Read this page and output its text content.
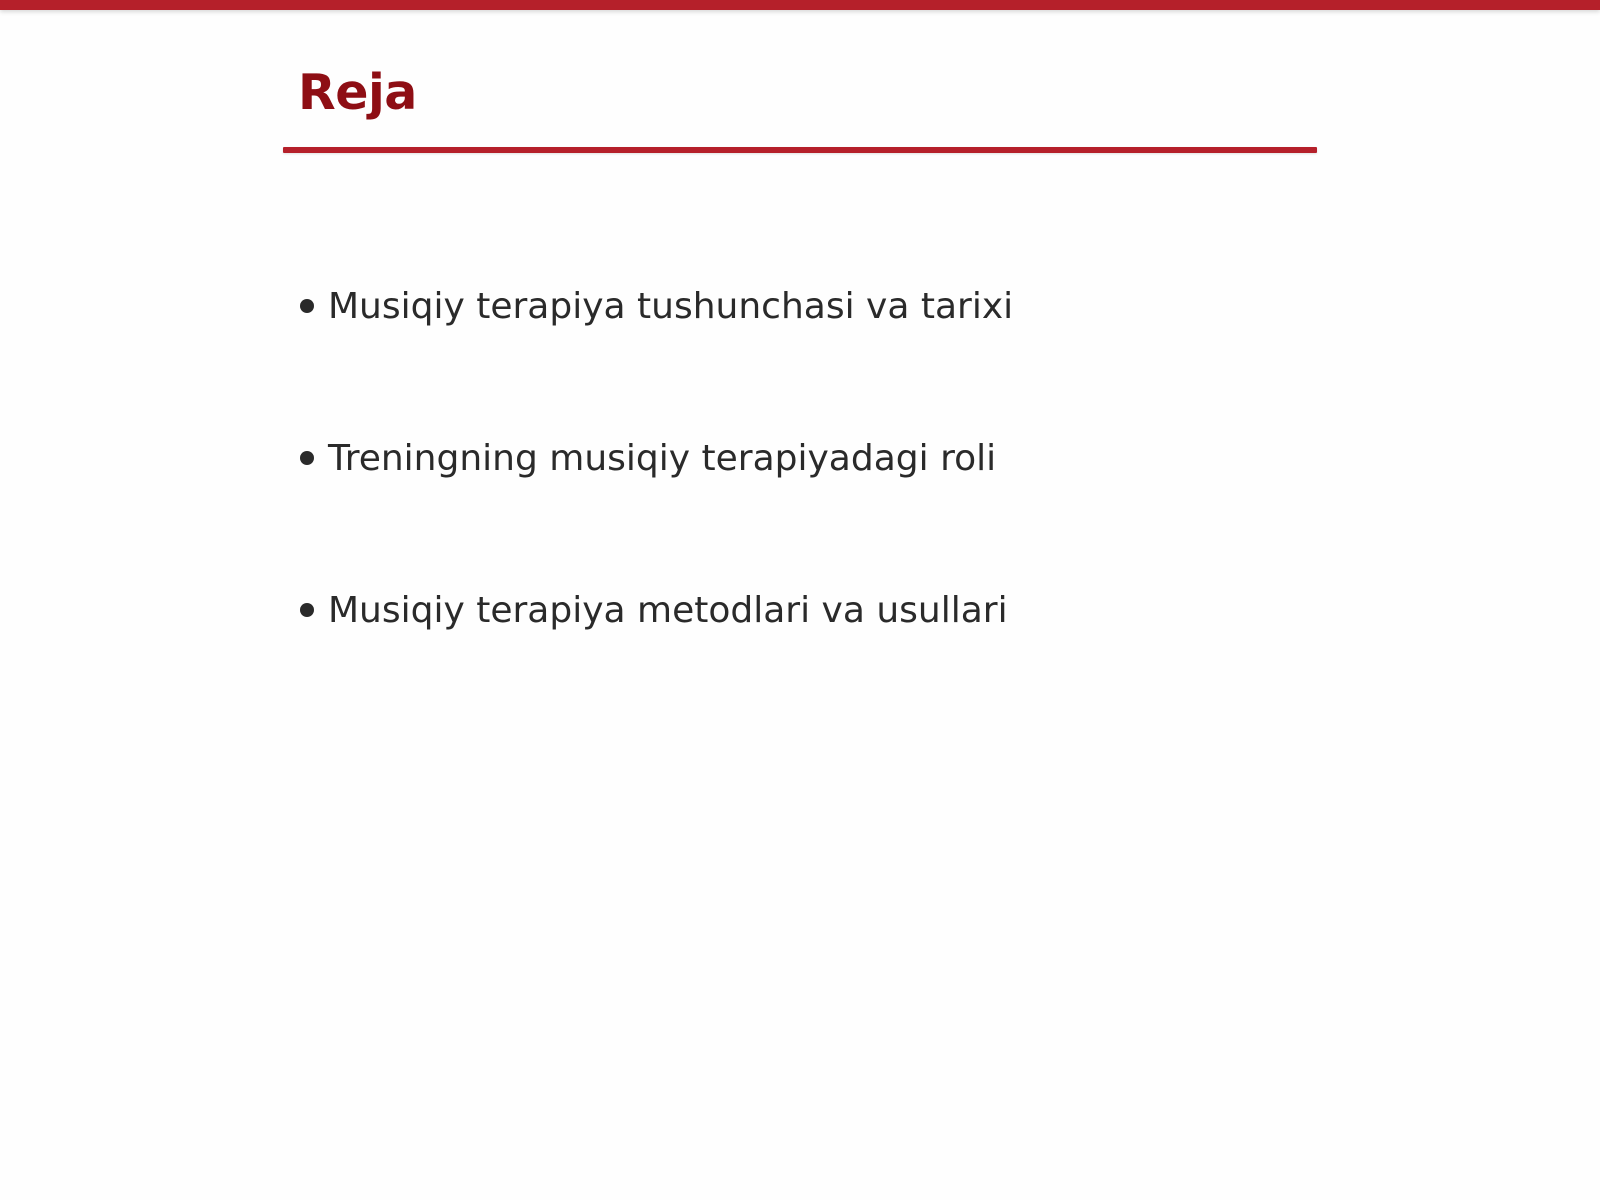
Reja
Musiqiy terapiya tushunchasi va tarixi
Treningning musiqiy terapiyadagi roli
Musiqiy terapiya metodlari va usullari
